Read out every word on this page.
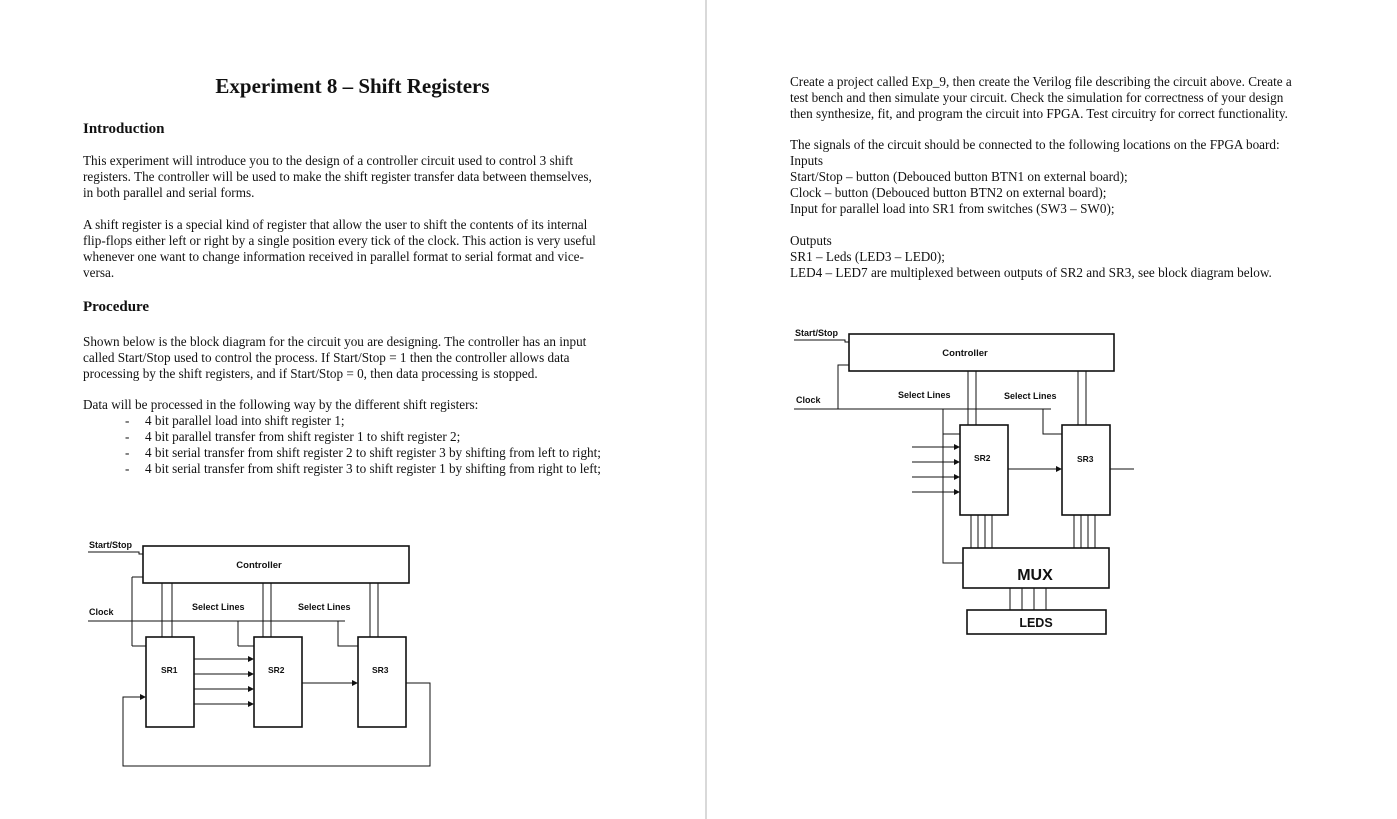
Experiment 8 – Shift Registers
Introduction
This experiment will introduce you to the design of a controller circuit used to control 3 shift
registers. The controller will be used to make the shift register transfer data between themselves,
in both parallel and serial forms.
A shift register is a special kind of register that allow the user to shift the contents of its internal
flip-flops either left or right by a single position every tick of the clock. This action is very useful
whenever one want to change information received in parallel format to serial format and vice-
versa.
Procedure
Shown below is the block diagram for the circuit you are designing. The controller has an input
called Start/Stop used to control the process. If Start/Stop = 1 then the controller allows data
processing by the shift registers, and if Start/Stop = 0, then data processing is stopped.
Data will be processed in the following way by the different shift registers:
- 4 bit parallel load into shift register 1;
- 4 bit parallel transfer from shift register 1 to shift register 2;
- 4 bit serial transfer from shift register 2 to shift register 3 by shifting from left to right;
- 4 bit serial transfer from shift register 3 to shift register 1 by shifting from right to left;
Controller
Start/Stop
Clock	Select Lines	Select Lines
SR1	SR2	SR3
Create a project called Exp_9, then create the Verilog file describing the circuit above. Create a
test bench and then simulate your circuit. Check the simulation for correctness of your design
then synthesize, fit, and program the circuit into FPGA. Test circuitry for correct functionality.
The signals of the circuit should be connected to the following locations on the FPGA board:
Inputs
Start/Stop – button (Debouced button BTN1 on external board);
Clock – button (Debouced button BTN2 on external board);
Input for parallel load into SR1 from switches (SW3 – SW0);
Outputs
SR1 – Leds (LED3 – LED0);
LED4 – LED7 are multiplexed between outputs of SR2 and SR3, see block diagram below.
Controller
Start/Stop
Clock	Select Lines	Select Lines
SR2	SR3
MUX
LEDS
